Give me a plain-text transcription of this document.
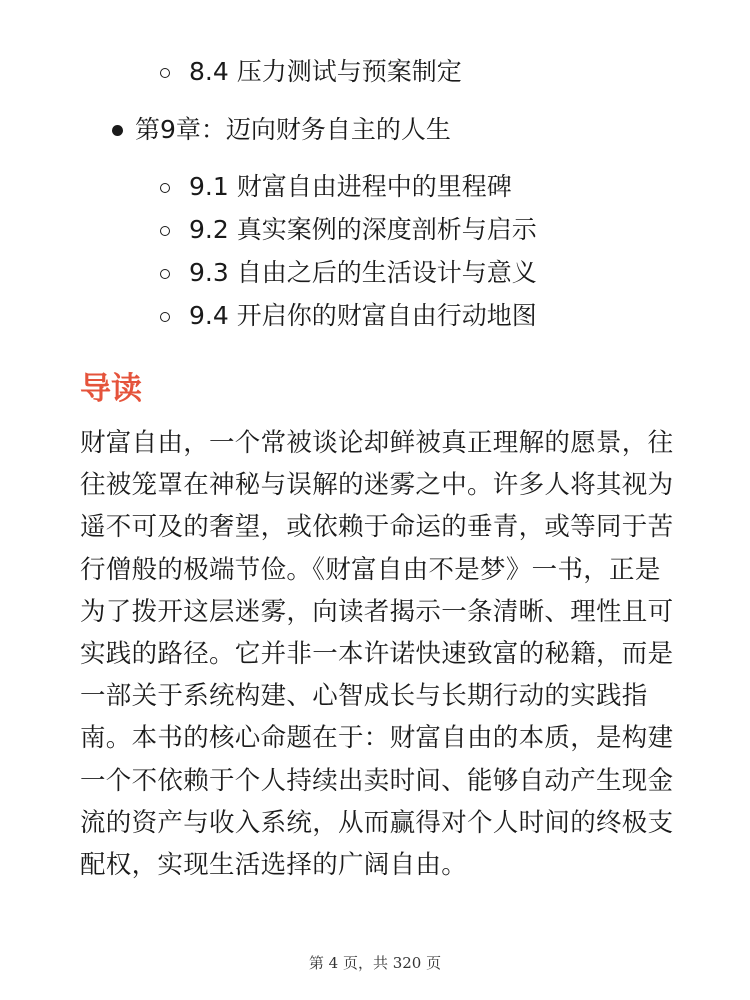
8.4 压力测试与预案制定
第9章：迈向财务自主的人生
9.1 财富自由进程中的里程碑
9.2 真实案例的深度剖析与启示
9.3 自由之后的生活设计与意义
9.4 开启你的财富自由行动地图
导读
财富自由，一个常被谈论却鲜被真正理解的愿景，往往被笼罩在神秘与误解的迷雾之中。许多人将其视为遥不可及的奢望，或依赖于命运的垂青，或等同于苦行僧般的极端节俭。《财富自由不是梦》一书，正是为了拨开这层迷雾，向读者揭示一条清晰、理性且可实践的路径。它并非一本许诺快速致富的秘籍，而是一部关于系统构建、心智成长与长期行动的实践指南。本书的核心命题在于：财富自由的本质，是构建一个不依赖于个人持续出卖时间、能够自动产生现金流的资产与收入系统，从而赢得对个人时间的终极支配权，实现生活选择的广阔自由。
第 4 页，共 320 页
